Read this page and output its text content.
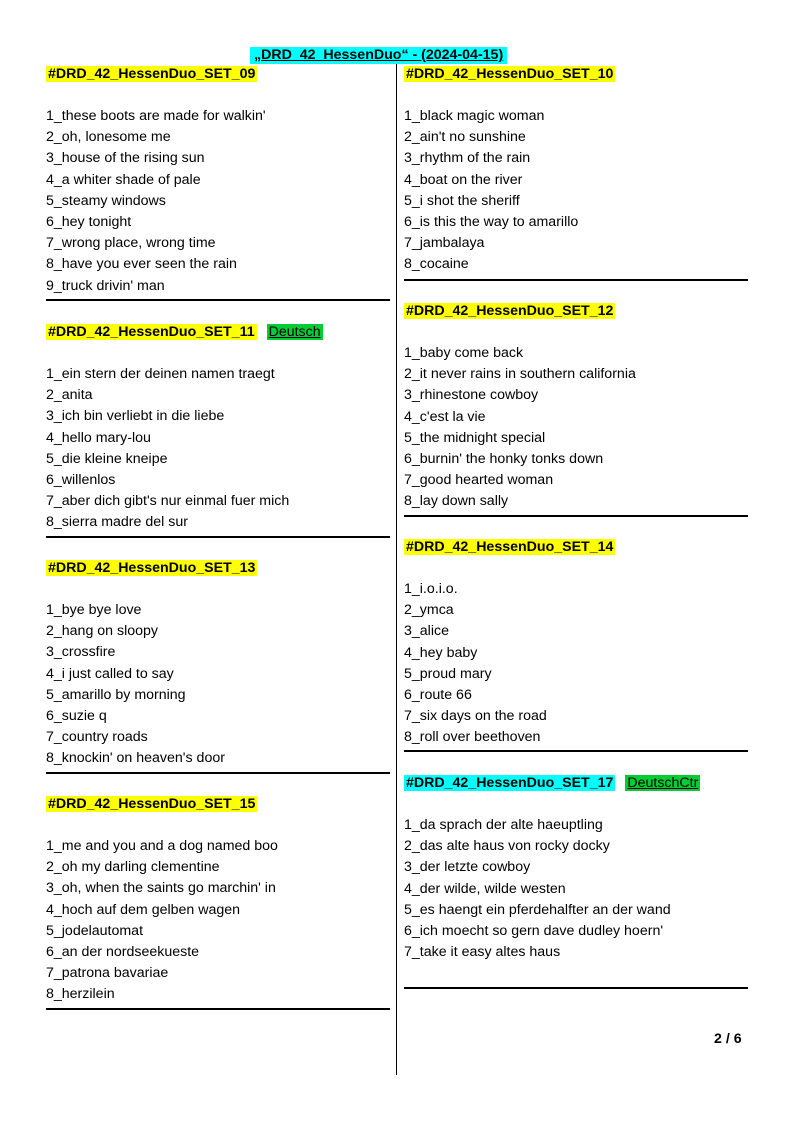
„DRD_42_HessenDuo“ - (2024-04-15)
#DRD_42_HessenDuo_SET_09
1_these boots are made for walkin'
2_oh, lonesome me
3_house of the rising sun
4_a whiter shade of pale
5_steamy windows
6_hey tonight
7_wrong place, wrong time
8_have you ever seen the rain
9_truck drivin' man
#DRD_42_HessenDuo_SET_11 Deutsch
1_ein stern der deinen namen traegt
2_anita
3_ich bin verliebt in die liebe
4_hello mary-lou
5_die kleine kneipe
6_willenlos
7_aber dich gibt's nur einmal fuer mich
8_sierra madre del sur
#DRD_42_HessenDuo_SET_13
1_bye bye love
2_hang on sloopy
3_crossfire
4_i just called to say
5_amarillo by morning
6_suzie q
7_country roads
8_knockin' on heaven's door
#DRD_42_HessenDuo_SET_15
1_me and you and a dog named boo
2_oh my darling clementine
3_oh, when the saints go marchin' in
4_hoch auf dem gelben wagen
5_jodelautomat
6_an der nordseekueste
7_patrona bavariae
8_herzilein
#DRD_42_HessenDuo_SET_10
1_black magic woman
2_ain't no sunshine
3_rhythm of the rain
4_boat on the river
5_i shot the sheriff
6_is this the way to amarillo
7_jambalaya
8_cocaine
#DRD_42_HessenDuo_SET_12
1_baby come back
2_it never rains in southern california
3_rhinestone cowboy
4_c'est la vie
5_the midnight special
6_burnin' the honky tonks down
7_good hearted woman
8_lay down sally
#DRD_42_HessenDuo_SET_14
1_i.o.i.o.
2_ymca
3_alice
4_hey baby
5_proud mary
6_route 66
7_six days on the road
8_roll over beethoven
#DRD_42_HessenDuo_SET_17 DeutschCtr
1_da sprach der alte haeuptling
2_das alte haus von rocky docky
3_der letzte cowboy
4_der wilde, wilde westen
5_es haengt ein pferdehalfter an der wand
6_ich moecht so gern dave dudley hoern'
7_take it easy altes haus
2 / 6
